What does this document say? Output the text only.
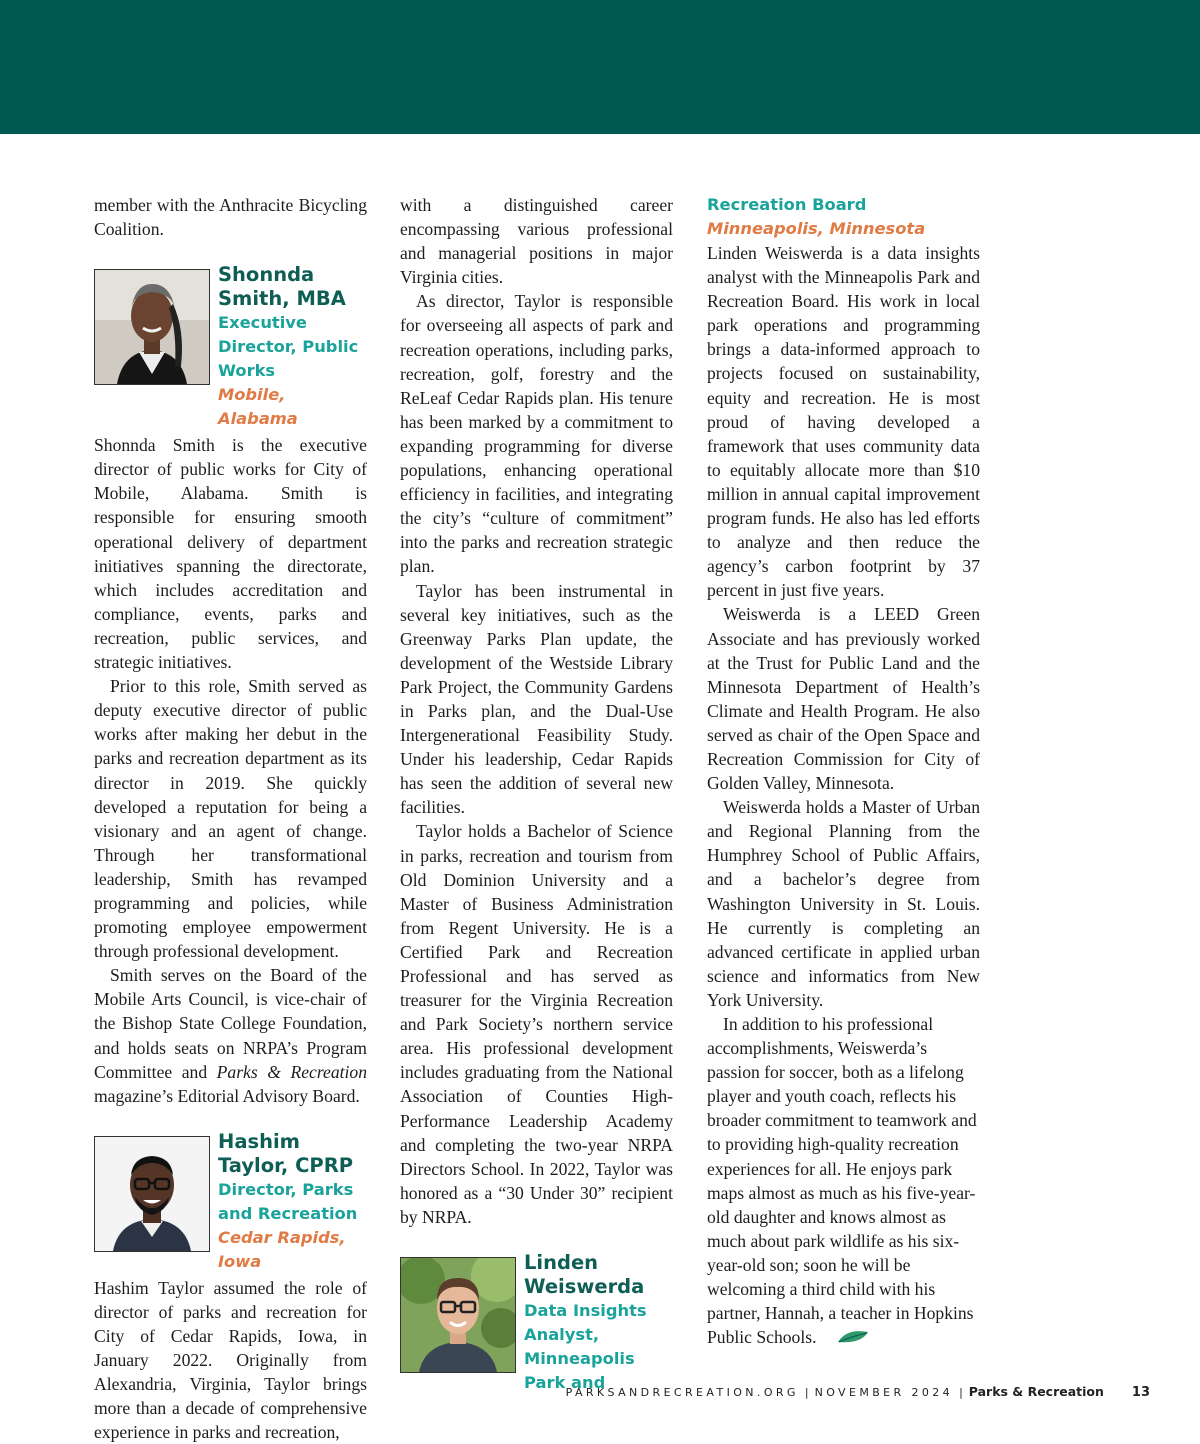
member with the Anthracite Bicycling Coalition.

Shonnda Smith, MBA
Executive Director, Public Works
Mobile, Alabama

Shonnda Smith is the executive director of public works for City of Mobile, Alabama. Smith is responsible for ensuring smooth operational delivery of department initiatives spanning the directorate, which includes accreditation and compliance, events, parks and recreation, public services, and strategic initiatives.

Prior to this role, Smith served as deputy executive director of public works after making her debut in the parks and recreation department as its director in 2019. She quickly developed a reputation for being a visionary and an agent of change. Through her transformational leadership, Smith has revamped programming and policies, while promoting employee empowerment through professional development.

Smith serves on the Board of the Mobile Arts Council, is vice-chair of the Bishop State College Foundation, and holds seats on NRPA’s Program Committee and Parks & Recreation magazine’s Editorial Advisory Board.

Hashim Taylor, CPRP
Director, Parks and Recreation
Cedar Rapids, Iowa

Hashim Taylor assumed the role of director of parks and recreation for City of Cedar Rapids, Iowa, in January 2022. Originally from Alexandria, Virginia, Taylor brings more than a decade of comprehensive experience in parks and recreation,

with a distinguished career encompassing various professional and managerial positions in major Virginia cities.

As director, Taylor is responsible for overseeing all aspects of park and recreation operations, including parks, recreation, golf, forestry and the ReLeaf Cedar Rapids plan. His tenure has been marked by a commitment to expanding programming for diverse populations, enhancing operational efficiency in facilities, and integrating the city’s “culture of commitment” into the parks and recreation strategic plan.

Taylor has been instrumental in several key initiatives, such as the Greenway Parks Plan update, the development of the Westside Library Park Project, the Community Gardens in Parks plan, and the Dual-Use Intergenerational Feasibility Study. Under his leadership, Cedar Rapids has seen the addition of several new facilities.

Taylor holds a Bachelor of Science in parks, recreation and tourism from Old Dominion University and a Master of Business Administration from Regent University. He is a Certified Park and Recreation Professional and has served as treasurer for the Virginia Recreation and Park Society’s northern service area. His professional development includes graduating from the National Association of Counties High-Performance Leadership Academy and completing the two-year NRPA Directors School. In 2022, Taylor was honored as a “30 Under 30” recipient by NRPA.

Linden Weiswerda
Data Insights Analyst, Minneapolis Park and
Recreation Board
Minneapolis, Minnesota

Linden Weiswerda is a data insights analyst with the Minneapolis Park and Recreation Board. His work in local park operations and programming brings a data-informed approach to projects focused on sustainability, equity and recreation. He is most proud of having developed a framework that uses community data to equitably allocate more than $10 million in annual capital improvement program funds. He also has led efforts to analyze and then reduce the agency’s carbon footprint by 37 percent in just five years.

Weiswerda is a LEED Green Associate and has previously worked at the Trust for Public Land and the Minnesota Department of Health’s Climate and Health Program. He also served as chair of the Open Space and Recreation Commission for City of Golden Valley, Minnesota.

Weiswerda holds a Master of Urban and Regional Planning from the Humphrey School of Public Affairs, and a bachelor’s degree from Washington University in St. Louis. He currently is completing an advanced certificate in applied urban science and informatics from New York University.

In addition to his professional accomplishments, Weiswerda’s passion for soccer, both as a lifelong player and youth coach, reflects his broader commitment to teamwork and to providing high-quality recreation experiences for all. He enjoys park maps almost as much as his five-year-old daughter and knows almost as much about park wildlife as his six-year-old son; soon he will be welcoming a third child with his partner, Hannah, a teacher in Hopkins Public Schools.

PARKSANDRECREATION.ORG | NOVEMBER 2024 | Parks & Recreation 13
